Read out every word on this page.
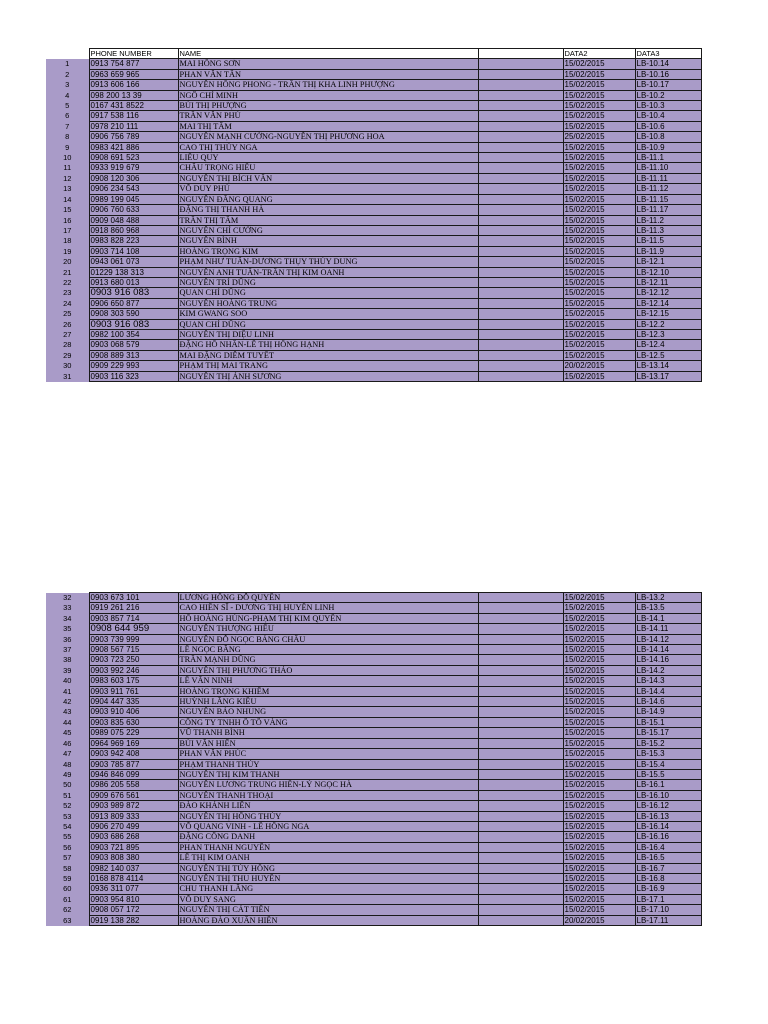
	PHONE NUMBER	NAME		DATA2	DATA3
1	0913 754 877	MAI HỒNG SƠN		15/02/2015	LB-10.14
2	0963 659 965	PHAN VĂN TẤN		15/02/2015	LB-10.16
3	0913 606 166	NGUYỄN HỒNG PHONG - TRẦN THỊ KHA LINH PHƯỢNG		15/02/2015	LB-10.17
4	098 200 13 39	NGÔ CHÍ MINH		15/02/2015	LB-10.2
5	0167 431 8522	BÙI THỊ PHƯỢNG		15/02/2015	LB-10.3
6	0917 538 116	TRẦN VĂN PHÚ		15/02/2015	LB-10.4
7	0978 210 111	MAI THỊ TÂM		15/02/2015	LB-10.6
8	0906 756 789	NGUYỄN MẠNH CƯỜNG-NGUYỄN THỊ PHƯƠNG HOA		25/02/2015	LB-10.8
9	0983 421 886	CAO THỊ THÚY NGA		15/02/2015	LB-10.9
10	0908 691 523	LIÊU QUY		15/02/2015	LB-11.1
11	0933 919 679	CHÂU TRỌNG HIẾU		15/02/2015	LB-11.10
12	0908 120 306	NGUYỄN THỊ BÍCH VÂN		15/02/2015	LB-11.11
13	0906 234 543	VÕ DUY PHÚ		15/02/2015	LB-11.12
14	0989 199 045	NGUYỄN ĐĂNG QUANG		15/02/2015	LB-11.15
15	0906 760 633	ĐẶNG THỊ THANH HÀ		15/02/2015	LB-11.17
16	0909 048 488	TRẦN THỊ TÂM		15/02/2015	LB-11.2
17	0918 860 968	NGUYỄN CHÍ CƯỜNG		15/02/2015	LB-11.3
18	0983 828 223	NGUYỄN BÌNH		15/02/2015	LB-11.5
19	0903 714 108	HOÀNG TRỌNG KIM		15/02/2015	LB-11.9
20	0943 061 073	PHẠM NHƯ TUẤN-DƯƠNG THỤY THÙY DUNG		15/02/2015	LB-12.1
21	01229 138 313	NGUYỄN ANH TUẤN-TRẦN THỊ KIM OANH		15/02/2015	LB-12.10
22	0913 680 013	NGUYỄN TRÍ DŨNG		15/02/2015	LB-12.11
23	0903 916 083	QUAN CHÍ DŨNG		15/02/2015	LB-12.12
24	0906 650 877	NGUYỄN HOÀNG TRUNG		15/02/2015	LB-12.14
25	0908 303 590	KIM GWANG SOO		15/02/2015	LB-12.15
26	0903 916 083	QUAN CHÍ DŨNG		15/02/2015	LB-12.2
27	0982 100 354	NGUYỄN THỊ DIỆU LINH		15/02/2015	LB-12.3
28	0903 068 579	ĐẶNG HỒ NHÂN-LÊ THỊ HỒNG HẠNH		15/02/2015	LB-12.4
29	0908 889 313	MAI ĐẶNG DIỄM TUYẾT		15/02/2015	LB-12.5
30	0909 229 993	PHẠM THỊ MAI TRANG		20/02/2015	LB-13.14
31	0903 116 323	NGUYỄN THỊ ÁNH SƯƠNG		15/02/2015	LB-13.17
32	0903 673 101	LƯƠNG HỒNG ĐỖ QUYÊN		15/02/2015	LB-13.2
33	0919 261 216	CAO HIỀN SĨ - DƯƠNG THỊ HUYỀN LINH		15/02/2015	LB-13.5
34	0903 857 714	HỒ HOÀNG HÙNG-PHẠM THỊ KIM QUYÊN		15/02/2015	LB-14.1
35	0908 644 959	NGUYỄN THƯỢNG HIẾU		15/02/2015	LB-14.11
36	0903 739 999	NGUYỄN ĐỖ NGỌC BẢNG CHÂU		15/02/2015	LB-14.12
37	0908 567 715	LÊ NGỌC BẰNG		15/02/2015	LB-14.14
38	0903 723 250	TRẦN MẠNH DŨNG		15/02/2015	LB-14.16
39	0903 992 246	NGUYỄN THỊ PHƯƠNG THẢO		15/02/2015	LB-14.2
40	0983 603 175	LÊ VĂN NINH		15/02/2015	LB-14.3
41	0903 911 761	HOÀNG TRỌNG KHIÊM		15/02/2015	LB-14.4
42	0904 447 335	HUỲNH LĂNG KIỀU		15/02/2015	LB-14.6
43	0903 910 406	NGUYỄN BẢO NHUNG		15/02/2015	LB-14.9
44	0903 835 630	CÔNG TY TNHH Ô TÔ VÀNG		15/02/2015	LB-15.1
45	0989 075 229	VŨ THANH BÌNH		15/02/2015	LB-15.17
46	0964 969 169	BÙI VĂN HIỂN		15/02/2015	LB-15.2
47	0903 942 408	PHAN VĂN PHÚC		15/02/2015	LB-15.3
48	0903 785 877	PHẠM THANH THÚY		15/02/2015	LB-15.4
49	0946 846 099	NGUYỄN THỊ KIM THANH		15/02/2015	LB-15.5
50	0986 205 558	NGUYỄN LƯƠNG TRUNG HIẾN-LÝ NGỌC HÀ		15/02/2015	LB-16.1
51	0909 676 561	NGUYỄN THANH THOẠI		15/02/2015	LB-16.10
52	0903 989 872	ĐÀO KHÁNH LIÊN		15/02/2015	LB-16.12
53	0913 809 333	NGUYỄN THỊ HỒNG THÚY		15/02/2015	LB-16.13
54	0906 270 499	VÕ QUANG VINH - LÊ HỒNG NGA		15/02/2015	LB-16.14
55	0903 686 268	ĐẶNG CÔNG DANH		15/02/2015	LB-16.16
56	0903 721 895	PHAN THANH NGUYÊN		15/02/2015	LB-16.4
57	0903 808 380	LÊ THỊ KIM OANH		15/02/2015	LB-16.5
58	0982 140 037	NGUYỄN THỊ TÚY HỒNG		15/02/2015	LB-16.7
59	0168 878 4114	NGUYỄN THỊ THU HUYỀN		15/02/2015	LB-16.8
60	0936 311 077	CHU THANH LÃNG		15/02/2015	LB-16.9
61	0903 954 810	VÕ DUY SANG		15/02/2015	LB-17.1
62	0908 057 172	NGUYỄN THỊ CÁT TIÊN		15/02/2015	LB-17.10
63	0919 138 282	HOÀNG ĐÀO XUÂN HIỀN		20/02/2015	LB-17.11
